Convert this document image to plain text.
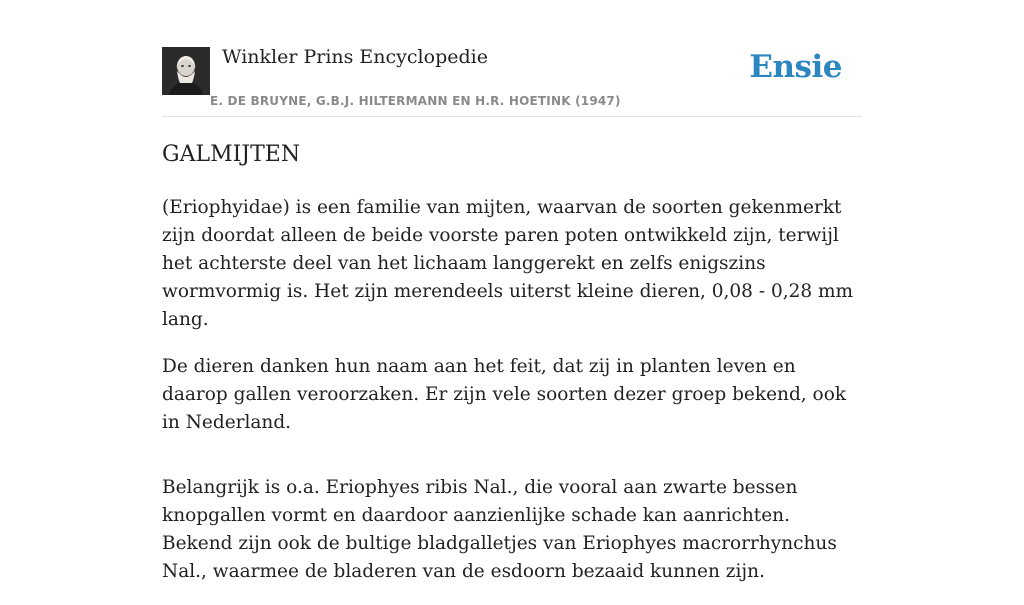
Winkler Prins Encyclopedie
E. DE BRUYNE, G.B.J. HILTERMANN EN H.R. HOETINK (1947)
Ensie
GALMIJTEN

(Eriophyidae) is een familie van mijten, waarvan de soorten gekenmerkt zijn doordat alleen de beide voorste paren poten ontwikkeld zijn, terwijl het achterste deel van het lichaam langgerekt en zelfs enigszins wormvormig is. Het zijn merendeels uiterst kleine dieren, 0,08 - 0,28 mm lang.

De dieren danken hun naam aan het feit, dat zij in planten leven en daarop gallen veroorzaken. Er zijn vele soorten dezer groep bekend, ook in Nederland.

Belangrijk is o.a. Eriophyes ribis Nal., die vooral aan zwarte bessen knopgallen vormt en daardoor aanzienlijke schade kan aanrichten. Bekend zijn ook de bultige bladgalletjes van Eriophyes macrorrhynchus Nal., waarmee de bladeren van de esdoorn bezaaid kunnen zijn.
